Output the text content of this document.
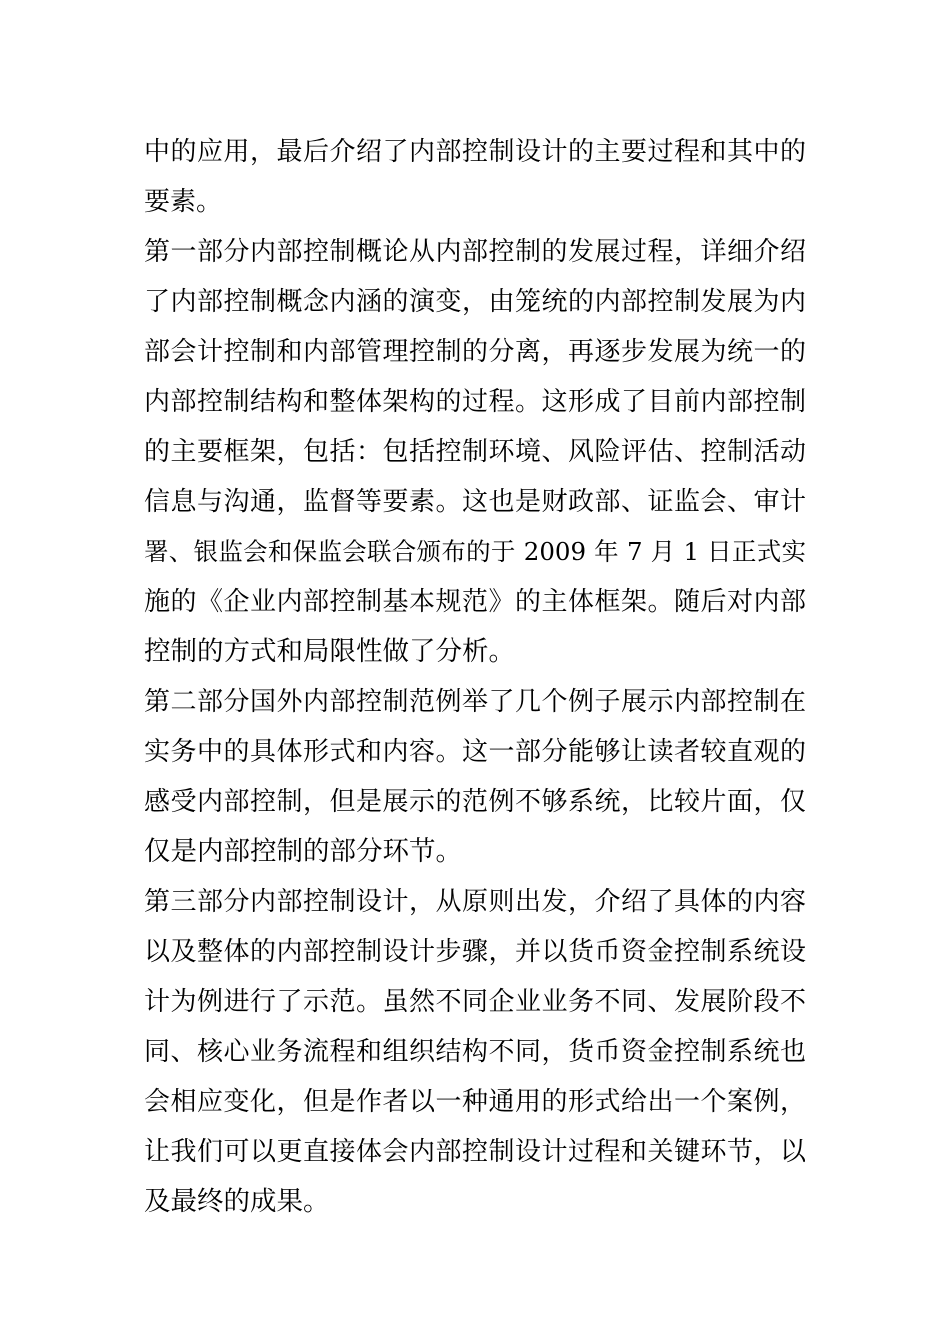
中的应用，最后介绍了内部控制设计的主要过程和其中的
要素。
第一部分内部控制概论从内部控制的发展过程，详细介绍
了内部控制概念内涵的演变，由笼统的内部控制发展为内
部会计控制和内部管理控制的分离，再逐步发展为统一的
内部控制结构和整体架构的过程。这形成了目前内部控制
的主要框架，包括：包括控制环境、风险评估、控制活动
信息与沟通，监督等要素。这也是财政部、证监会、审计
署、银监会和保监会联合颁布的于 2009 年 7 月 1 日正式实
施的《企业内部控制基本规范》的主体框架。随后对内部
控制的方式和局限性做了分析。
第二部分国外内部控制范例举了几个例子展示内部控制在
实务中的具体形式和内容。这一部分能够让读者较直观的
感受内部控制，但是展示的范例不够系统，比较片面，仅
仅是内部控制的部分环节。
第三部分内部控制设计，从原则出发，介绍了具体的内容
以及整体的内部控制设计步骤，并以货币资金控制系统设
计为例进行了示范。虽然不同企业业务不同、发展阶段不
同、核心业务流程和组织结构不同，货币资金控制系统也
会相应变化，但是作者以一种通用的形式给出一个案例，
让我们可以更直接体会内部控制设计过程和关键环节，以
及最终的成果。
